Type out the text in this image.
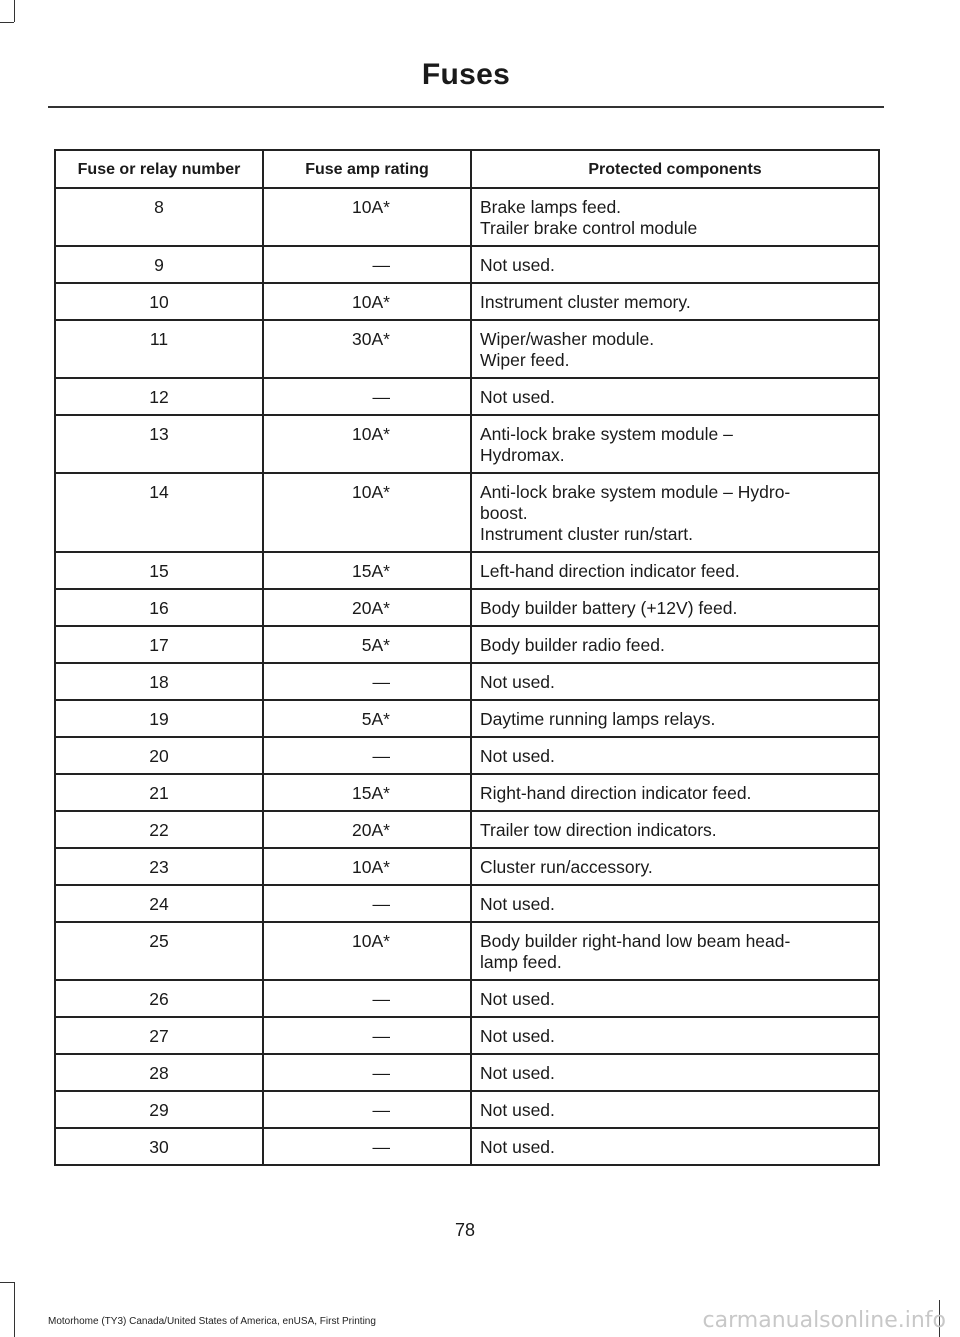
Fuses
Fuse or relay number	Fuse amp rating	Protected components
8	10A*	Brake lamps feed.
Trailer brake control module

9	—	Not used.

10	10A*	Instrument cluster memory.

11	30A*	Wiper/washer module.
Wiper feed.

12	—	Not used.

13	10A*	Anti-lock brake system module –
Hydromax.

14	10A*	Anti-lock brake system module – Hydro-
boost.
Instrument cluster run/start.

15	15A*	Left-hand direction indicator feed.

16	20A*	Body builder battery (+12V) feed.

17	5A*	Body builder radio feed.

18	—	Not used.

19	5A*	Daytime running lamps relays.

20	—	Not used.

21	15A*	Right-hand direction indicator feed.

22	20A*	Trailer tow direction indicators.

23	10A*	Cluster run/accessory.

24	—	Not used.

25	10A*	Body builder right-hand low beam head-
lamp feed.

26	—	Not used.

27	—	Not used.

28	—	Not used.

29	—	Not used.

30	—	Not used.
78
Motorhome (TY3) Canada/United States of America, enUSA, First Printing	carmanualsonline.info
